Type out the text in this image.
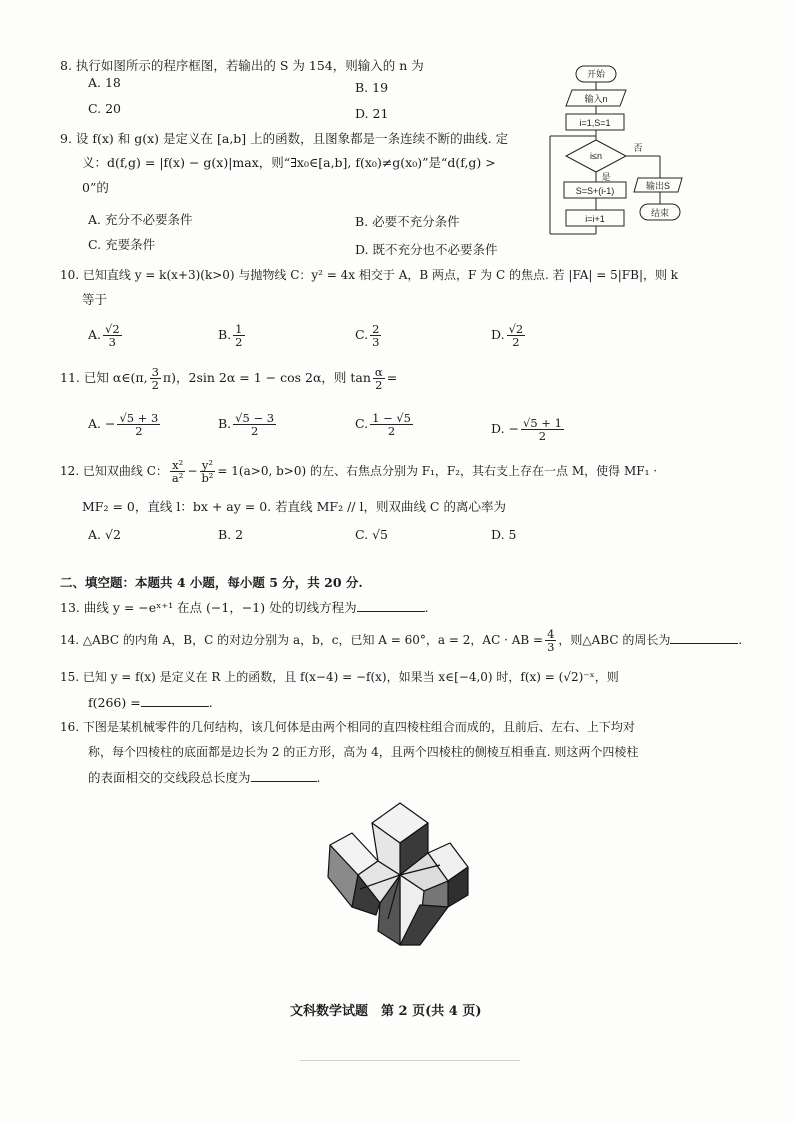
8. 执行如图所示的程序框图，若输出的 S 为 154，则输入的 n 为
A. 18	B. 19
C. 20	D. 21
开始
输入n
i=1,S=1
i≤n
否
是
S=S+(i-1)
i=i+1
输出S
结束
9. 设 f(x) 和 g(x) 是定义在 [a,b] 上的函数，且图象都是一条连续不断的曲线. 定
义：d(f,g) = |f(x) − g(x)|max，则“∃x₀∈[a,b], f(x₀)≠g(x₀)”是“d(f,g) >
0”的
A. 充分不必要条件	B. 必要不充分条件
C. 充要条件	D. 既不充分也不必要条件
10. 已知直线 y = k(x+3)(k>0) 与抛物线 C：y² = 4x 相交于 A，B 两点，F 为 C 的焦点. 若 |FA| = 5|FB|，则 k
等于
A. $\frac{√2}{3}$	B. $\frac{1}{2}$	C. $\frac{2}{3}$	D. $\frac{√2}{2}$
11. 已知 α∈(π, $\frac{3}{2} \pi$)，2sin 2α = 1 − cos 2α，则 $\tan \frac{\alpha}{2}$ =
A. − $\frac{√5 + 3}{2}$	B. $\frac{√5 - 3}{2}$	C. $\frac{1 - √5}{2}$	D. − $\frac{√5 + 1}{2}$
12. 已知双曲线 C： $\frac{\text{x²}}{\text{a²}} - \frac{\text{y²}}{\text{b²}} = 1(a>0$, b>0) 的左、右焦点分别为 F₁，F₂，其右支上存在一点 M，使得 MF₁ ·
MF₂ = 0，直线 l：bx + ay = 0. 若直线 MF₂ // l，则双曲线 C 的离心率为
A. √2	B. 2	C. √5	D. 5
二、填空题：本题共 4 小题，每小题 5 分，共 20 分.
13. 曲线 y = −eˣ⁺¹ 在点 (−1，−1) 处的切线方程为	.
14. △ABC 的内角 A，B，C 的对边分别为 a，b，c，已知 A = 60°，a = 2，AC · AB = $\frac{4}{3}$ ，则△ABC 的周长为	.
15. 已知 y = f(x) 是定义在 R 上的函数，且 f(x−4) = −f(x)，如果当 x∈[−4,0) 时，f(x) = (√2)⁻ˣ，则
f(266) =	.
16. 下图是某机械零件的几何结构，该几何体是由两个相同的直四棱柱组合而成的，且前后、左右、上下均对
称，每个四棱柱的底面都是边长为 2 的正方形，高为 4，且两个四棱柱的侧棱互相垂直. 则这两个四棱柱
的表面相交的交线段总长度为	.
文科数学试题　第 2 页(共 4 页)
